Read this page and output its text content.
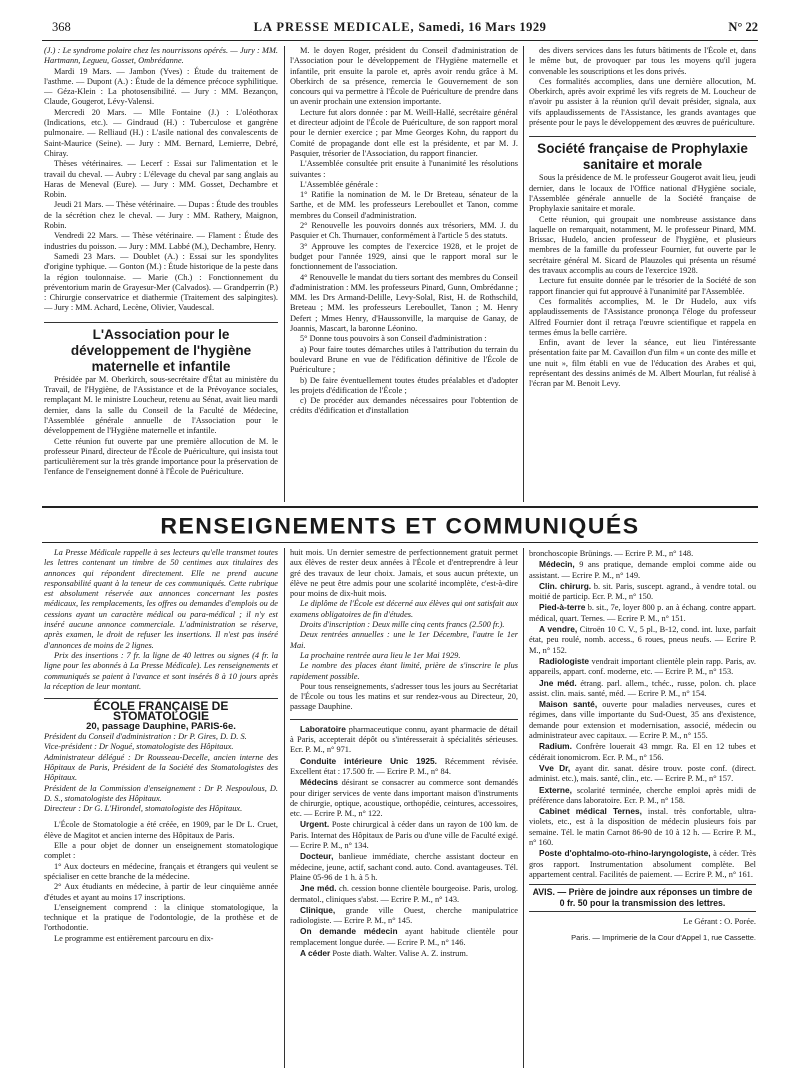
368	LA PRESSE MEDICALE, Samedi, 16 Mars 1929	N° 22

(J.) : Le syndrome polaire chez les nourrissons opérés. — Jury : MM. Hartmann, Legueu, Gosset, Ombrédanne.

Mardi 19 Mars. — Jambon (Yves) : Étude du traitement de l'asthme. — Dupont (A.) : Étude de la démence précoce syphilitique. — Géza-Klein : La photosensibilité. — Jury : MM. Bezançon, Claude, Gougerot, Lévy-Valensi.

Mercredi 20 Mars. — Mlle Fontaine (J.) : L'oléothorax (Indications, etc.). — Gindraud (H.) : Tuberculose et gangrène pulmonaire. — Relliaud (H.) : L'asile national des convalescents de Saint-Maurice (Seine). — Jury : MM. Bernard, Lemierre, Debré, Chiray.

Thèses vétérinaires. — Lecerf : Essai sur l'alimentation et le travail du cheval. — Aubry : L'élevage du cheval par sang anglais au Haras de Meneval (Eure). — Jury : MM. Gosset, Dechambre et Robin.

Jeudi 21 Mars. — Thèse vétérinaire. — Dupas : Étude des troubles de la sécrétion chez le cheval. — Jury : MM. Rathery, Maignon, Robin.

Vendredi 22 Mars. — Thèse vétérinaire. — Flament : Étude des industries du poisson. — Jury : MM. Labbé (M.), Dechambre, Henry.

Samedi 23 Mars. — Doublet (A.) : Essai sur les spondylites d'origine typhique. — Gonton (M.) : Étude historique de la peste dans la région toulonnaise. — Marie (Ch.) : Fonctionnement du préventorium marin de Grayesur-Mer (Calvados). — Grandperrin (P.) : Chirurgie conservatrice et diathermie (Traitement des salpingites). — Jury : MM. Achard, Lecène, Olivier, Vaudescal.

L'Association pour le développement de l'hygiène maternelle et infantile

Présidée par M. Oberkirch, sous-secrétaire d'État au ministère du Travail, de l'Hygiène, de l'Assistance et de la Prévoyance sociales, remplaçant M. le ministre Loucheur, retenu au Sénat, avait lieu mardi dernier, dans la salle du Conseil de la Faculté de Médecine, l'Assemblée générale annuelle de l'Association pour le développement de l'Hygiène maternelle et infantile.

Cette réunion fut ouverte par une première allocution de M. le professeur Pinard, directeur de l'École de Puériculture, qui insista tout particulièrement sur la très grande importance pour la préservation de l'enfance de l'enseignement donné à l'École de Puériculture.

M. le doyen Roger, président du Conseil d'administration de l'Association pour le développement de l'Hygiène maternelle et infantile, prit ensuite la parole et, après avoir rendu grâce à M. Oberkirch de sa présence, remercia le Gouvernement de son concours qui va permettre à l'École de Puériculture de prendre dans un avenir prochain une extension importante.

Lecture fut alors donnée : par M. Weill-Hallé, secrétaire général et directeur adjoint de l'École de Puériculture, de son rapport moral pour le dernier exercice ; par Mme Georges Kohn, du rapport du Comité de propagande dont elle est la présidente, et par M. J. Pasquier, trésorier de l'Association, du rapport financier.

L'Assemblée consultée prit ensuite à l'unanimité les résolutions suivantes :

L'Assemblée générale :

1° Ratifie la nomination de M. le Dr Breteau, sénateur de la Sarthe, et de MM. les professeurs Lereboullet et Tanon, comme membres du Conseil d'administration.

2° Renouvelle les pouvoirs donnés aux trésoriers, MM. J. du Pasquier et Ch. Thurnauer, conformément à l'article 5 des statuts.

3° Approuve les comptes de l'exercice 1928, et le projet de budget pour l'année 1929, ainsi que le rapport moral sur le fonctionnement de l'association.

4° Renouvelle le mandat du tiers sortant des membres du Conseil d'administration : MM. les professeurs Pinard, Gunn, Ombrédanne ; MM. les Drs Armand-Delille, Levy-Solal, Rist, H. de Rothschild, Breteau ; MM. les professeurs Lereboullet, Tanon ; M. Henry Defert ; Mmes Henry, d'Haussonville, la marquise de Ganay, de Joannis, Mascart, la baronne Léonino.

5° Donne tous pouvoirs à son Conseil d'administration :

a) Pour faire toutes démarches utiles à l'attribution du terrain du boulevard Brune en vue de l'édification définitive de l'École de Puériculture ;

b) De faire éventuellement toutes études préalables et d'adopter les projets d'édification de l'École ;

c) De procéder aux demandes nécessaires pour l'obtention de crédits d'édification et d'installation

des divers services dans les futurs bâtiments de l'École et, dans le même but, de provoquer par tous les moyens qu'il jugera convenable les souscriptions et les dons privés.

Ces formalités accomplies, dans une dernière allocution, M. Oberkirch, après avoir exprimé les vifs regrets de M. Loucheur de n'avoir pu assister à la réunion qu'il devait présider, signala, aux vifs applaudissements de l'Assistance, les grands avantages que présente pour le pays le développement des œuvres de puériculture.

Société française de Prophylaxie sanitaire et morale

Sous la présidence de M. le professeur Gougerot avait lieu, jeudi dernier, dans le locaux de l'Office national d'Hygiène sociale, l'Assemblée générale annuelle de la Société française de Prophylaxie sanitaire et morale.

Cette réunion, qui groupait une nombreuse assistance dans laquelle on remarquait, notamment, M. le professeur Pinard, MM. Brissac, Hudelo, ancien professeur de l'hygiène, et plusieurs membres de la famille du professeur Fournier, fut ouverte par le secrétaire général M. Sicard de Plauzoles qui présenta un résumé des travaux accomplis au cours de l'exercice 1928.

Lecture fut ensuite donnée par le trésorier de la Société de son rapport financier qui fut approuvé à l'unanimité par l'Assemblée.

Ces formalités accomplies, M. le Dr Hudelo, aux vifs applaudissements de l'Assistance prononça l'éloge du professeur Alfred Fournier dont il retraça l'œuvre scientifique et rappela en termes émus la belle carrière.

Enfin, avant de lever la séance, eut lieu l'intéressante présentation faite par M. Cavaillon d'un film « un conte des mille et une nuit », film établi en vue de l'éducation des Arabes et qui, représentant des dessins animés de M. Albert Mourlan, fut réalisé à l'écran par M. Benoit Levy.

RENSEIGNEMENTS ET COMMUNIQUÉS

La Presse Médicale rappelle à ses lecteurs qu'elle transmet toutes les lettres contenant un timbre de 50 centimes aux titulaires des annonces qui répondent directement. Elle ne prend aucune responsabilité quant à la teneur de ces communiqués. Cette rubrique est absolument réservée aux annonces concernant les postes médicaux, les remplacements, les offres ou demandes d'emplois ou de cessions ayant un caractère médical ou para-médical ; il n'y est inséré aucune annonce commerciale. L'administration se réserve, après examen, le droit de refuser les insertions. Il n'est pas inséré d'annonces de moins de 2 lignes.

Prix des insertions : 7 fr. la ligne de 40 lettres ou signes (4 fr. la ligne pour les abonnés à La Presse Médicale). Les renseignements et communiqués se paient à l'avance et sont insérés 8 à 10 jours après la réception de leur montant.

ÉCOLE FRANÇAISE DE STOMATOLOGIE

20, passage Dauphine, PARIS-6e.

Président du Conseil d'administration : Dr P. Gires, D. D. S.

Vice-président : Dr Nogué, stomatologiste des Hôpitaux.

Administrateur délégué : Dr Rousseau-Decelle, ancien interne des Hôpitaux de Paris, Président de la Société des Stomatologistes des Hôpitaux.

Président de la Commission d'enseignement : Dr P. Nespoulous, D. D. S., stomatologiste des Hôpitaux.

Directeur : Dr G. L'Hirondel, stomatologiste des Hôpitaux.

L'École de Stomatologie a été créée, en 1909, par le Dr L. Cruet, élève de Magitot et ancien interne des Hôpitaux de Paris.

Elle a pour objet de donner un enseignement stomatologique complet :

1° Aux docteurs en médecine, français et étrangers qui veulent se spécialiser en cette branche de la médecine.

2° Aux étudiants en médecine, à partir de leur cinquième année d'études et ayant au moins 17 inscriptions.

L'enseignement comprend : la clinique stomatologique, la technique et la pratique de l'odontologie, de la prothèse et de l'orthodontie.

Le programme est entièrement parcouru en dix-

huit mois. Un dernier semestre de perfectionnement gratuit permet aux élèves de rester deux années à l'École et d'entreprendre à leur gré des travaux de leur choix. Jamais, et sous aucun prétexte, un élève ne peut être admis pour une scolarité incomplète, c'est-à-dire pour moins de dix-huit mois.

Le diplôme de l'École est décerné aux élèves qui ont satisfait aux examens obligatoires de fin d'études.

Droits d'inscription : Deux mille cinq cents francs (2.500 fr.).

Deux rentrées annuelles : une le 1er Décembre, l'autre le 1er Mai.

La prochaine rentrée aura lieu le 1er Mai 1929.

Le nombre des places étant limité, prière de s'inscrire le plus rapidement possible.

Pour tous renseignements, s'adresser tous les jours au Secrétariat de l'École ou tous les matins et sur rendez-vous au Directeur, 20, passage Dauphine.

Laboratoire pharmaceutique connu, ayant pharmacie de détail à Paris, accepterait dépôt ou s'intéresserait à spécialités sérieuses. Ecr. P. M., n° 971.

Conduite intérieure Unic 1925. Récemment révisée. Excellent état : 17.500 fr. — Ecrire P. M., n° 84.

Médecins désirant se consacrer au commerce sont demandés pour diriger services de vente dans important maison d'instruments de chirurgie, optique, acoustique, orthopédie, ceintures, accessoires, etc. — Ecrire P. M., n° 122.

Urgent. Poste chirurgical à céder dans un rayon de 100 km. de Paris. Internat des Hôpitaux de Paris ou d'une ville de Faculté exigé. — Ecrire P. M., n° 134.

Docteur, banlieue immédiate, cherche assistant docteur en médecine, jeune, actif, sachant cond. auto. Cond. avantageuses. Tél. Plaine 05-96 de 1 h. à 5 h.

Jne méd. ch. cession bonne clientèle bourgeoise. Paris, urolog. dermatol., cliniques s'abst. — Ecrire P. M., n° 143.

Clinique, grande ville Ouest, cherche manipulatrice radiologiste. — Ecrire P. M., n° 145.

On demande médecin ayant habitude clientèle pour remplacement longue durée. — Ecrire P. M., n° 146.

A céder Poste diath. Walter. Valise A. Z. instrum.

bronchoscopie Brünings. — Ecrire P. M., n° 148.

Médecin, 9 ans pratique, demande emploi comme aide ou assistant. — Ecrire P. M., n° 149.

Clin. chirurg. b. sit. Paris, suscept. agrand., à vendre total. ou moitié de particip. Ecr. P. M., n° 150.

Pied-à-terre b. sit., 7e, loyer 800 p. an à échang. contre appart. médical, quart. Ternes. — Ecrire P. M., n° 151.

A vendre, Citroën 10 C. V., 5 pl., B-12, cond. int. luxe, parfait état, peu roulé, nomb. access., 6 roues, pneus neufs. — Ecrire P. M., n° 152.

Radiologiste vendrait important clientèle plein rapp. Paris, av. appareils, appart. conf. moderne, etc. — Ecrire P. M., n° 153.

Jne méd. étrang. parl. allem., tchéc., russe, polon. ch. place assist. clin. mais. santé, méd. — Ecrire P. M., n° 154.

Maison santé, ouverte pour maladies nerveuses, cures et régimes, dans ville importante du Sud-Ouest, 35 ans d'existence, demande pour extension et modernisation, associé, médecin ou administrateur avec capitaux. — Ecrire P. M., n° 155.

Radium. Confrère louerait 43 mmgr. Ra. El en 12 tubes et cédérait ionomicrom. Ecr. P. M., n° 156.

Vve Dr, ayant dir. sanat. désire trouv. poste conf. (direct. administ. etc.), mais. santé, clin., etc. — Ecrire P. M., n° 157.

Externe, scolarité terminée, cherche emploi après midi de préférence dans laboratoire. Ecr. P. M., n° 158.

Cabinet médical Ternes, instal. très confortable, ultra-violets, etc., est à la disposition de médecin plusieurs fois par semaine. Tél. le matin Carnot 86-90 de 10 à 12 h. — Ecrire P. M., n° 160.

Poste d'ophtalmo-oto-rhino-laryngologiste, à céder. Très gros rapport. Instrumentation absolument complète. Bel appartement central. Facilités de paiement. — Ecrire P. M., n° 161.

AVIS. — Prière de joindre aux réponses un timbre de 0 fr. 50 pour la transmission des lettres.
Le Gérant : O. Porée.
Paris. — Imprimerie de la Cour d'Appel 1, rue Cassette.
